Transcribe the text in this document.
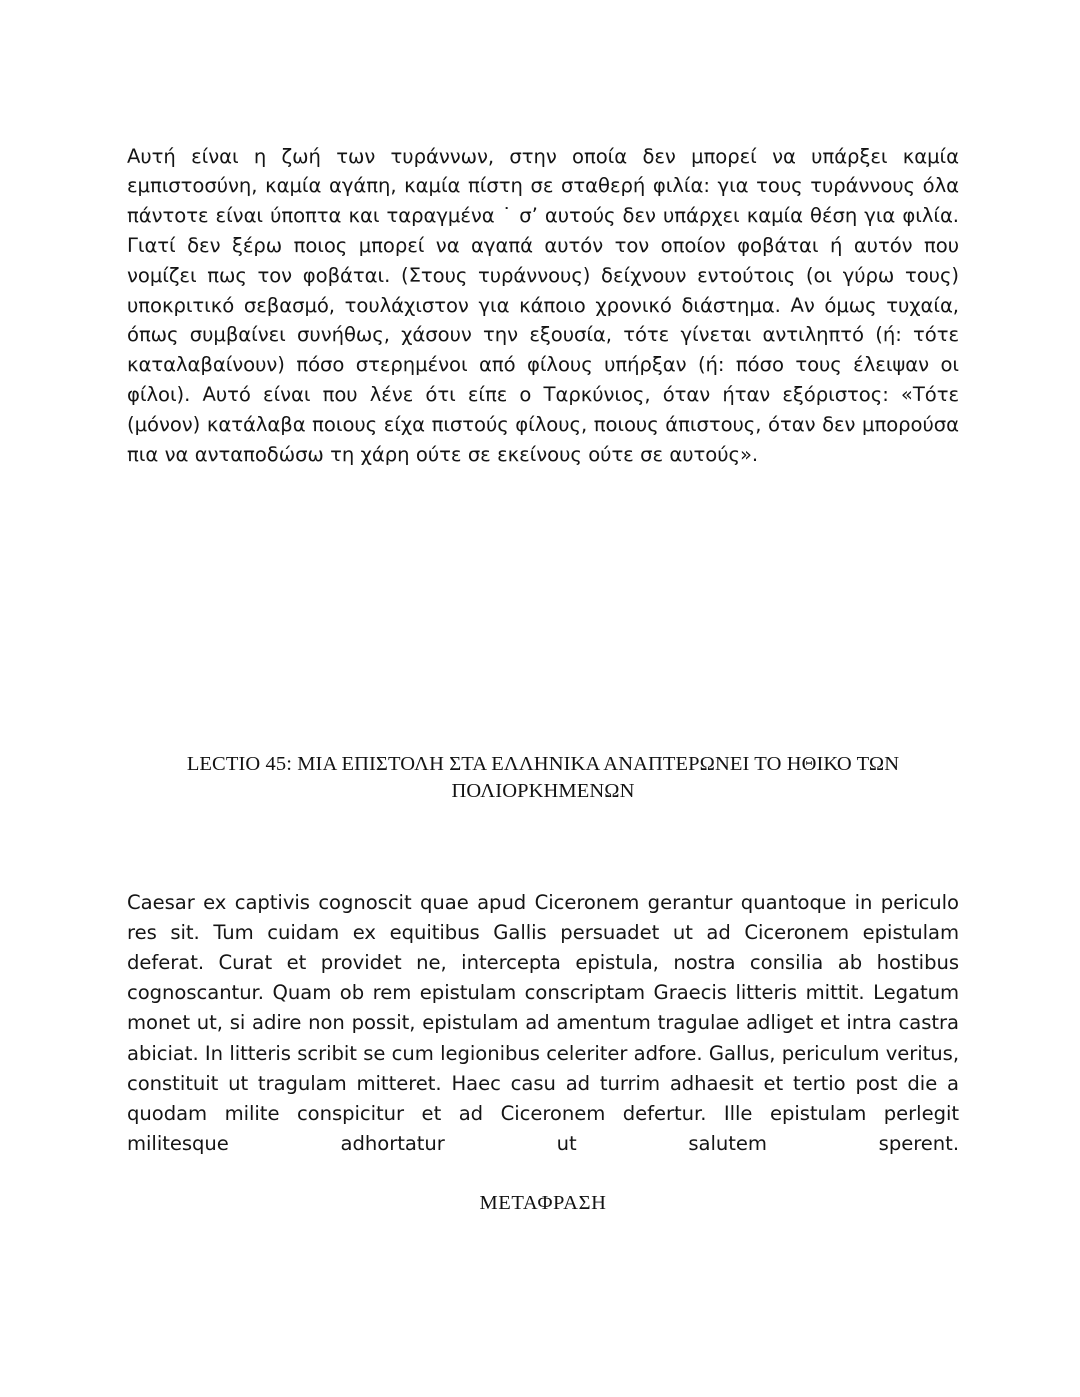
Αυτή είναι η ζωή των τυράννων, στην οποία δεν μπορεί να υπάρξει καμία εμπιστοσύνη, καμία αγάπη, καμία πίστη σε σταθερή φιλία: για τους τυράννους όλα πάντοτε είναι ύποπτα και ταραγμένα ˙ σ’ αυτούς δεν υπάρχει καμία θέση για φιλία. Γιατί δεν ξέρω ποιος μπορεί να αγαπά αυτόν τον οποίον φοβάται ή αυτόν που νομίζει πως τον φοβάται. (Στους τυράννους) δείχνουν εντούτοις (οι γύρω τους) υποκριτικό σεβασμό, τουλάχιστον για κάποιο χρονικό διάστημα. Αν όμως τυχαία, όπως συμβαίνει συνήθως, χάσουν την εξουσία, τότε γίνεται αντιληπτό (ή: τότε καταλαβαίνουν) πόσο στερημένοι από φίλους υπήρξαν (ή: πόσο τους έλειψαν οι φίλοι). Αυτό είναι που λένε ότι είπε ο Ταρκύνιος, όταν ήταν εξόριστος: «Τότε (μόνον) κατάλαβα ποιους είχα πιστούς φίλους, ποιους άπιστους, όταν δεν μπορούσα πια να ανταποδώσω τη χάρη ούτε σε εκείνους ούτε σε αυτούς».

LECTIO 45: ΜΙΑ ΕΠΙΣΤΟΛΗ ΣΤΑ ΕΛΛΗΝΙΚΑ ΑΝΑΠΤΕΡΩΝΕΙ ΤΟ ΗΘΙΚΟ ΤΩΝ
ΠΟΛΙΟΡΚΗΜΕΝΩΝ

Caesar ex captivis cognoscit quae apud Ciceronem gerantur quantoque in periculo res sit. Tum cuidam ex equitibus Gallis persuadet ut ad Ciceronem epistulam deferat. Curat et providet ne, intercepta epistula, nostra consilia ab hostibus cognoscantur. Quam ob rem epistulam conscriptam Graecis litteris mittit. Legatum monet ut, si adire non possit, epistulam ad amentum tragulae adliget et intra castra abiciat. In litteris scribit se cum legionibus celeriter adfore. Gallus, periculum veritus, constituit ut tragulam mitteret. Haec casu ad turrim adhaesit et tertio post die a quodam milite conspicitur et ad Ciceronem defertur. Ille epistulam perlegit militesque adhortatur ut salutem sperent.

ΜΕΤΑΦΡΑΣΗ
